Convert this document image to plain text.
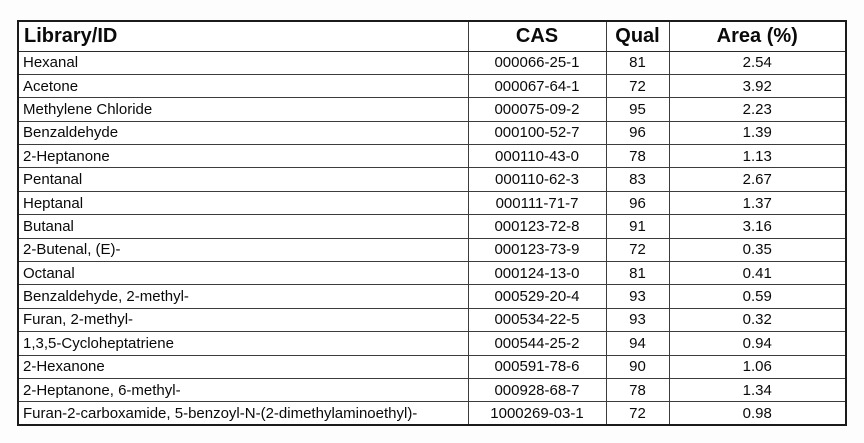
Library/ID	CAS	Qual	Area (%)
Hexanal	000066-25-1	81	2.54
Acetone	000067-64-1	72	3.92
Methylene Chloride	000075-09-2	95	2.23
Benzaldehyde	000100-52-7	96	1.39
2-Heptanone	000110-43-0	78	1.13
Pentanal	000110-62-3	83	2.67
Heptanal	000111-71-7	96	1.37
Butanal	000123-72-8	91	3.16
2-Butenal, (E)-	000123-73-9	72	0.35
Octanal	000124-13-0	81	0.41
Benzaldehyde, 2-methyl-	000529-20-4	93	0.59
Furan, 2-methyl-	000534-22-5	93	0.32
1,3,5-Cycloheptatriene	000544-25-2	94	0.94
2-Hexanone	000591-78-6	90	1.06
2-Heptanone, 6-methyl-	000928-68-7	78	1.34
Furan-2-carboxamide, 5-benzoyl-N-(2-dimethylaminoethyl)-	1000269-03-1	72	0.98
